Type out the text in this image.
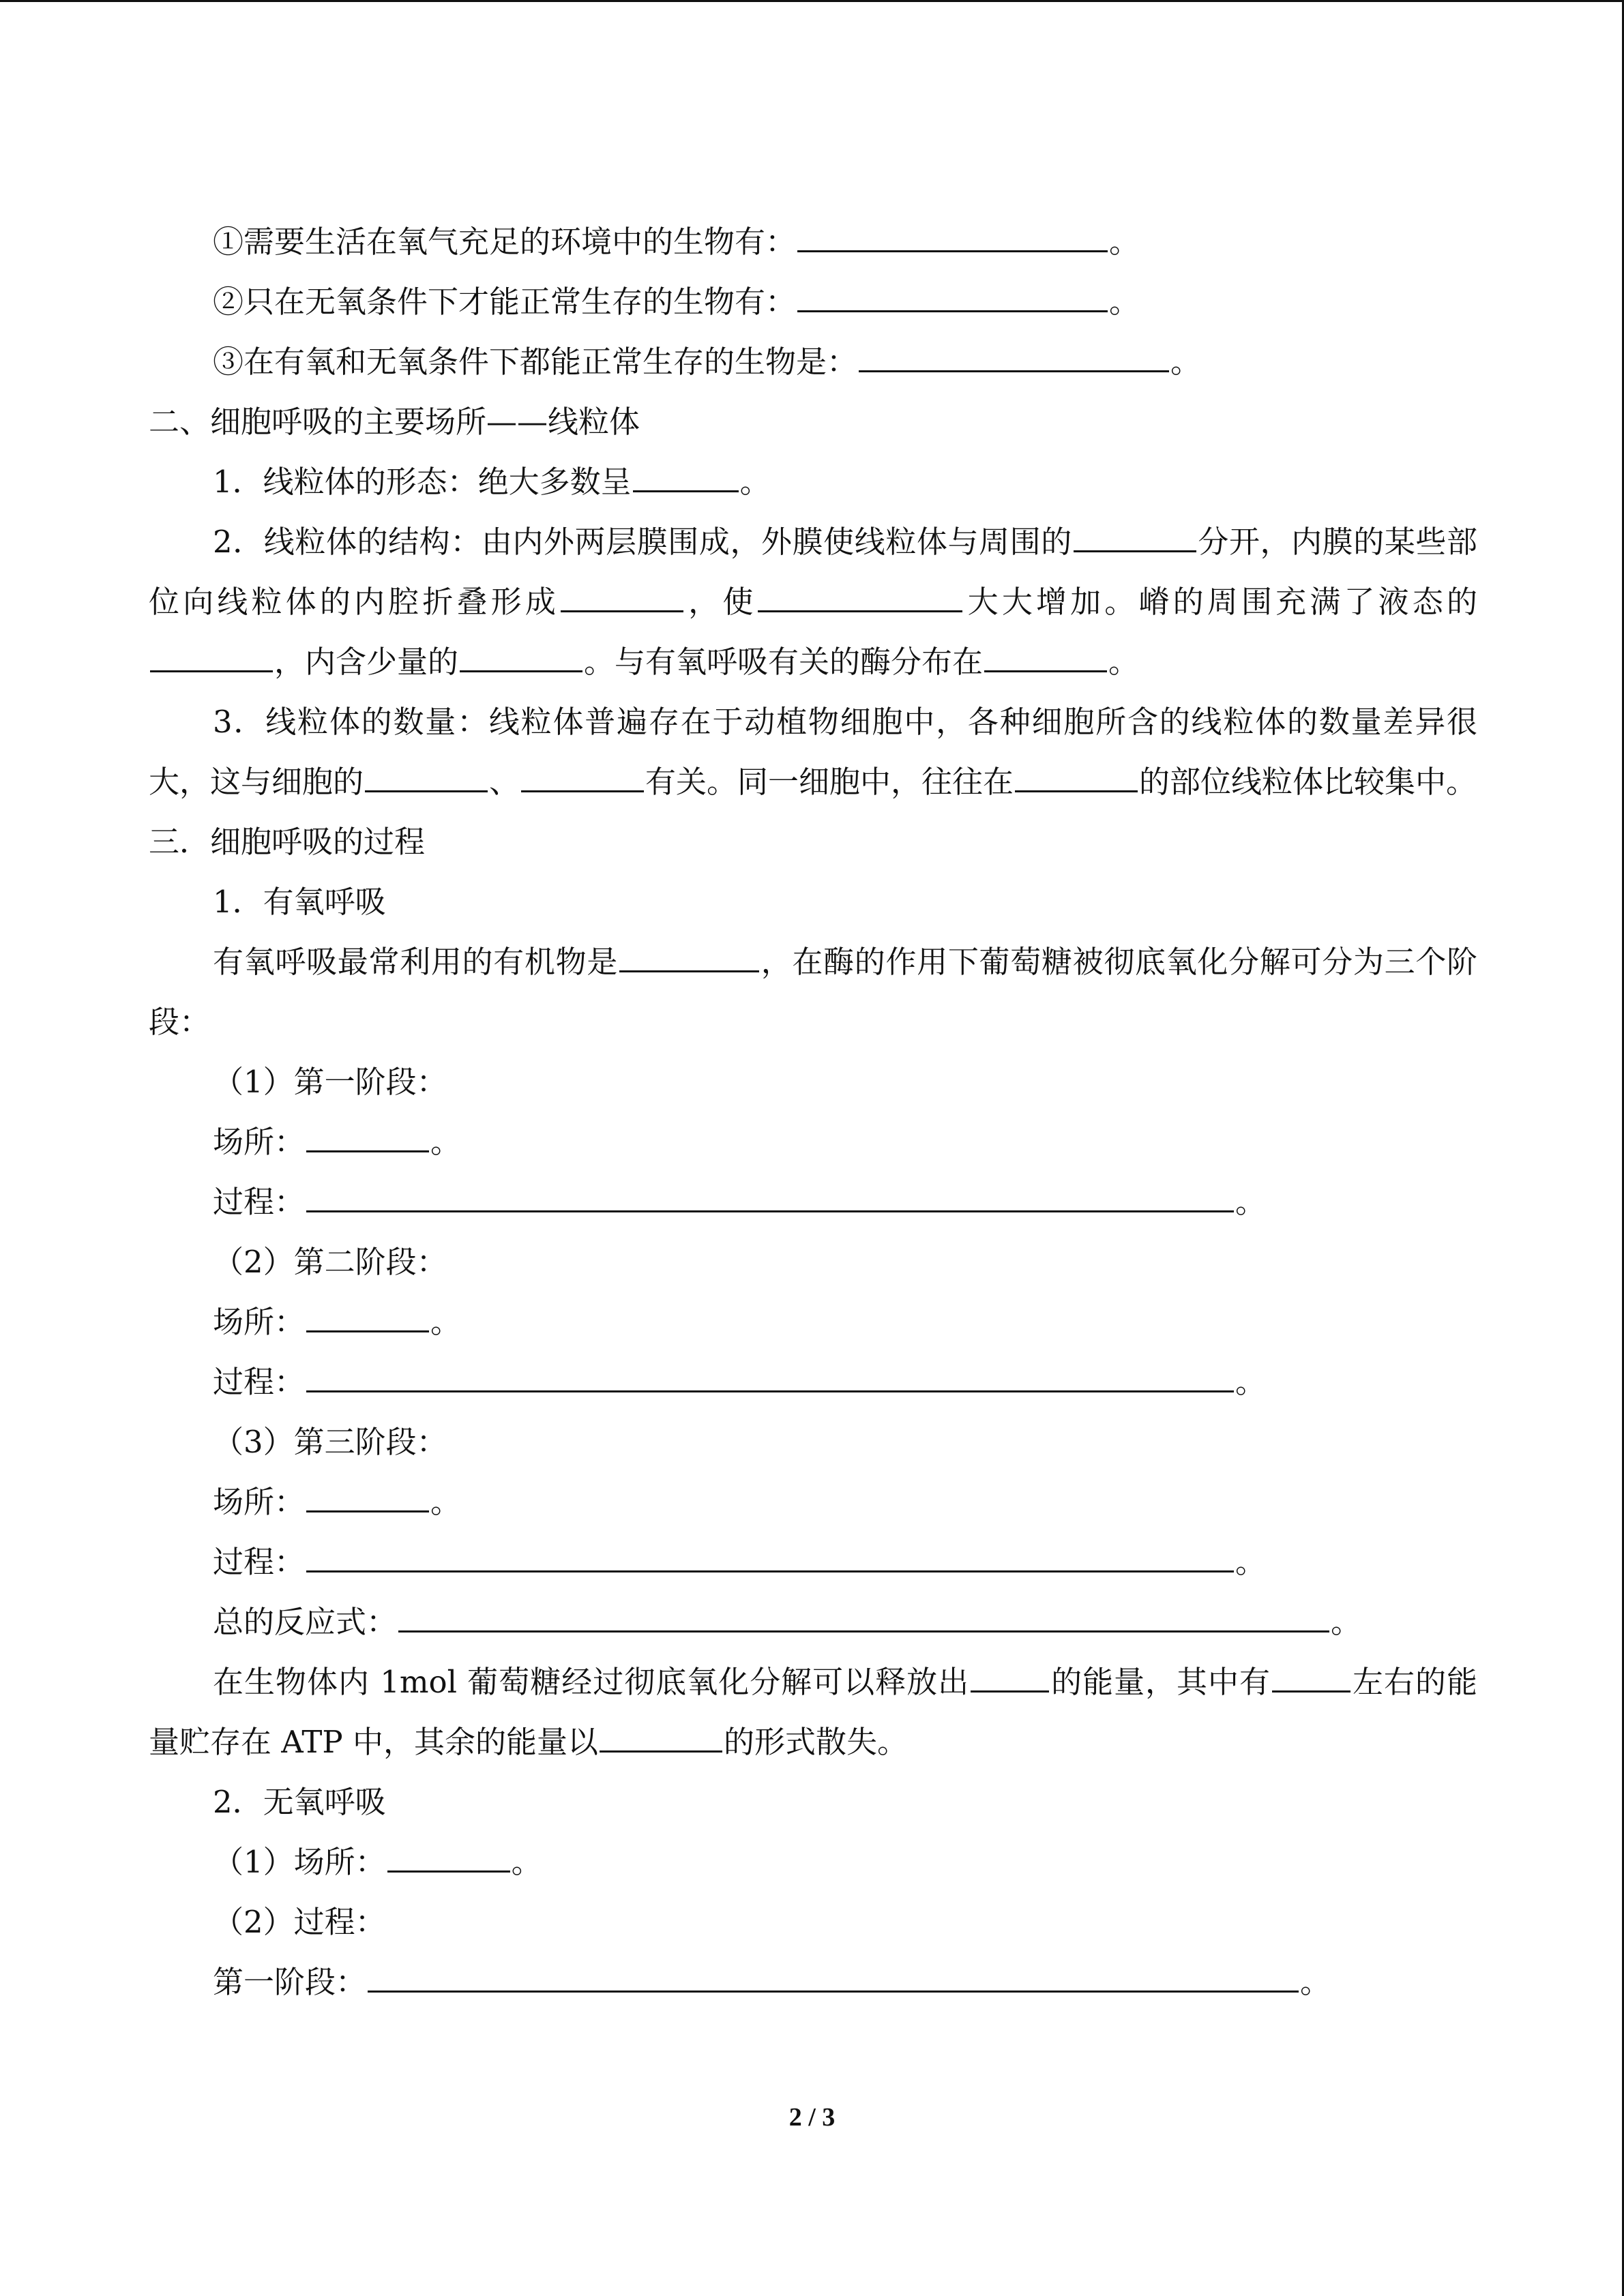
①需要生活在氧气充足的环境中的生物有：	。
②只在无氧条件下才能正常生存的生物有：	。
③在有氧和无氧条件下都能正常生存的生物是：	。
二、细胞呼吸的主要场所——线粒体
1．线粒体的形态：绝大多数呈	。
2．线粒体的结构：由内外两层膜围成，外膜使线粒体与周围的	分开，内膜的某些部位向线粒体的内腔折叠形成	，使	大大增加。嵴的周围充满了液态的，内含少量的	。与有氧呼吸有关的酶分布在	。
3．线粒体的数量：线粒体普遍存在于动植物细胞中，各种细胞所含的线粒体的数量差异很大，这与细胞的	、	有关。同一细胞中，往往在	的部位线粒体比较集中。
三．细胞呼吸的过程
1．有氧呼吸
有氧呼吸最常利用的有机物是	，在酶的作用下葡萄糖被彻底氧化分解可分为三个阶段：
（1）第一阶段：
场所：	。
过程：	。
（2）第二阶段：
场所：	。
过程：	。
（3）第三阶段：
场所：	。
过程：	。
总的反应式：	。
在生物体内 1mol 葡萄糖经过彻底氧化分解可以释放出	的能量，其中有	左右的能量贮存在 ATP 中，其余的能量以	的形式散失。
2．无氧呼吸
（1）场所：	。
（2）过程：
第一阶段：	。
2 / 3
